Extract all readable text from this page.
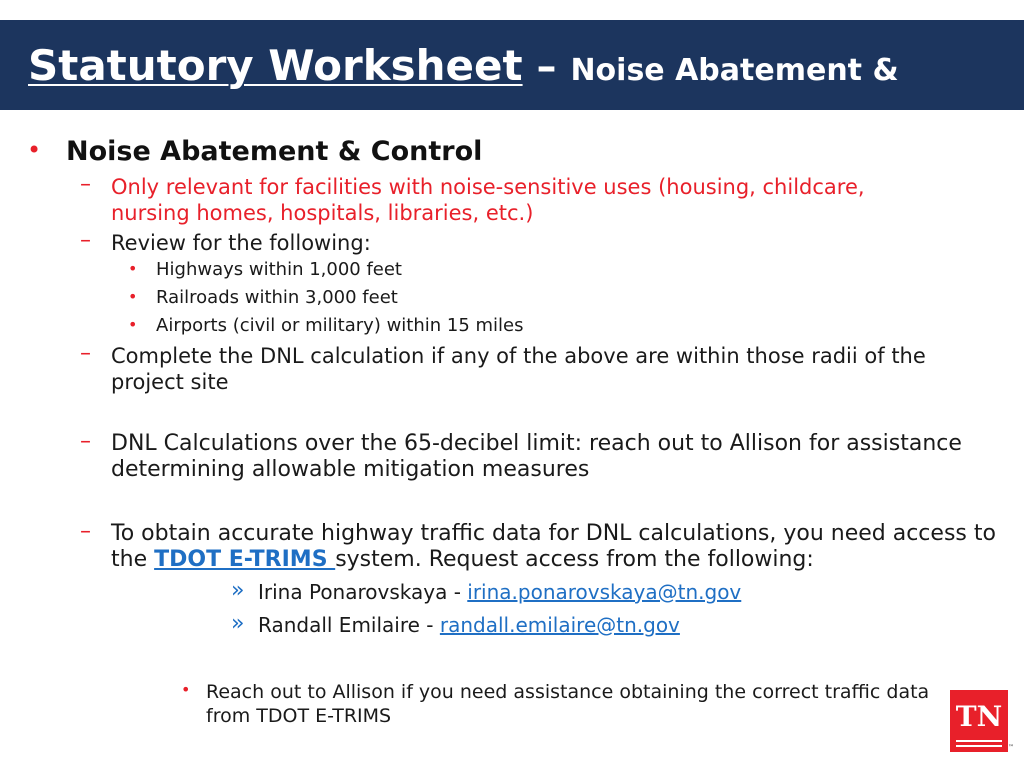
Statutory Worksheet – Noise Abatement &
• Noise Abatement & Control
– Only relevant for facilities with noise-sensitive uses (housing, childcare, nursing homes, hospitals, libraries, etc.)
– Review for the following:
• Highways within 1,000 feet
• Railroads within 3,000 feet
• Airports (civil or military) within 15 miles
– Complete the DNL calculation if any of the above are within those radii of the project site
– DNL Calculations over the 65-decibel limit: reach out to Allison for assistance determining allowable mitigation measures
– To obtain accurate highway traffic data for DNL calculations, you need access to the TDOT E-TRIMS system. Request access from the following:
» Irina Ponarovskaya - irina.ponarovskaya@tn.gov
» Randall Emilaire - randall.emilaire@tn.gov
• Reach out to Allison if you need assistance obtaining the correct traffic data from TDOT E-TRIMS	TN
™
